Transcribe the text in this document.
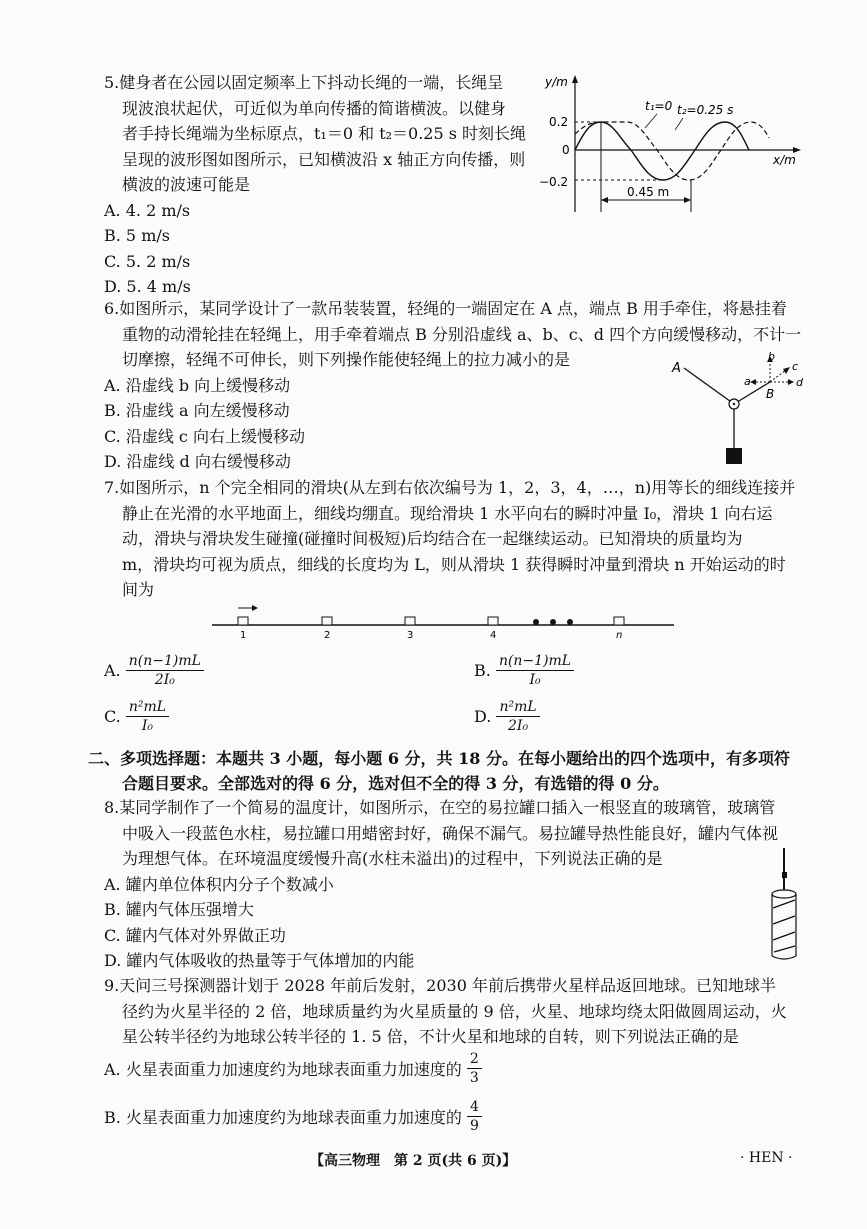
5.健身者在公园以固定频率上下抖动长绳的一端，长绳呈
现波浪状起伏，可近似为单向传播的简谐横波。以健身
者手持长绳端为坐标原点，t₁＝0 和 t₂＝0.25 s 时刻长绳
呈现的波形图如图所示，已知横波沿 x 轴正方向传播，则
横波的波速可能是
A. 4. 2 m/s
B. 5 m/s
C. 5. 2 m/s
D. 5. 4 m/s
y/m
x/m
0.2
0
−0.2
0.45 m
t₁=0 t₂=0.25 s
6.如图所示，某同学设计了一款吊装装置，轻绳的一端固定在 A 点，端点 B 用手牵住，将悬挂着
重物的动滑轮挂在轻绳上，用手牵着端点 B 分别沿虚线 a、b、c、d 四个方向缓慢移动，不计一
切摩擦，轻绳不可伸长，则下列操作能使轻绳上的拉力减小的是
A. 沿虚线 b 向上缓慢移动
B. 沿虚线 a 向左缓慢移动
C. 沿虚线 c 向右上缓慢移动
D. 沿虚线 d 向右缓慢移动
A
b
a
c
d
B
7.如图所示，n 个完全相同的滑块(从左到右依次编号为 1，2，3，4，…，n)用等长的细线连接并
静止在光滑的水平地面上，细线均绷直。现给滑块 1 水平向右的瞬时冲量 I₀，滑块 1 向右运
动，滑块与滑块发生碰撞(碰撞时间极短)后均结合在一起继续运动。已知滑块的质量均为
m，滑块均可视为质点，细线的长度均为 L，则从滑块 1 获得瞬时冲量到滑块 n 开始运动的时
间为
1	2	3	4	n
A. $\frac{n(n-1)mL}{\text{2I₀}}$	B. $\frac{n(n-1)mL}{\text{I₀}}$
C. $\frac{\text{n²mL}}{\text{I₀}}$	D. $\frac{\text{n²mL}}{\text{2I₀}}$
二、多项选择题：本题共 3 小题，每小题 6 分，共 18 分。在每小题给出的四个选项中，有多项符
合题目要求。全部选对的得 6 分，选对但不全的得 3 分，有选错的得 0 分。
8.某同学制作了一个简易的温度计，如图所示，在空的易拉罐口插入一根竖直的玻璃管，玻璃管
中吸入一段蓝色水柱，易拉罐口用蜡密封好，确保不漏气。易拉罐导热性能良好，罐内气体视
为理想气体。在环境温度缓慢升高(水柱未溢出)的过程中，下列说法正确的是
A. 罐内单位体积内分子个数减小
B. 罐内气体压强增大
C. 罐内气体对外界做正功
D. 罐内气体吸收的热量等于气体增加的内能
9.天问三号探测器计划于 2028 年前后发射，2030 年前后携带火星样品返回地球。已知地球半
径约为火星半径的 2 倍，地球质量约为火星质量的 9 倍，火星、地球均绕太阳做圆周运动，火
星公转半径约为地球公转半径的 1. 5 倍，不计火星和地球的自转，则下列说法正确的是
A. 火星表面重力加速度约为地球表面重力加速度的 $\frac{2}{3}$
B. 火星表面重力加速度约为地球表面重力加速度的 $\frac{4}{9}$
【高三物理　第 2 页(共 6 页)】	· HEN ·
